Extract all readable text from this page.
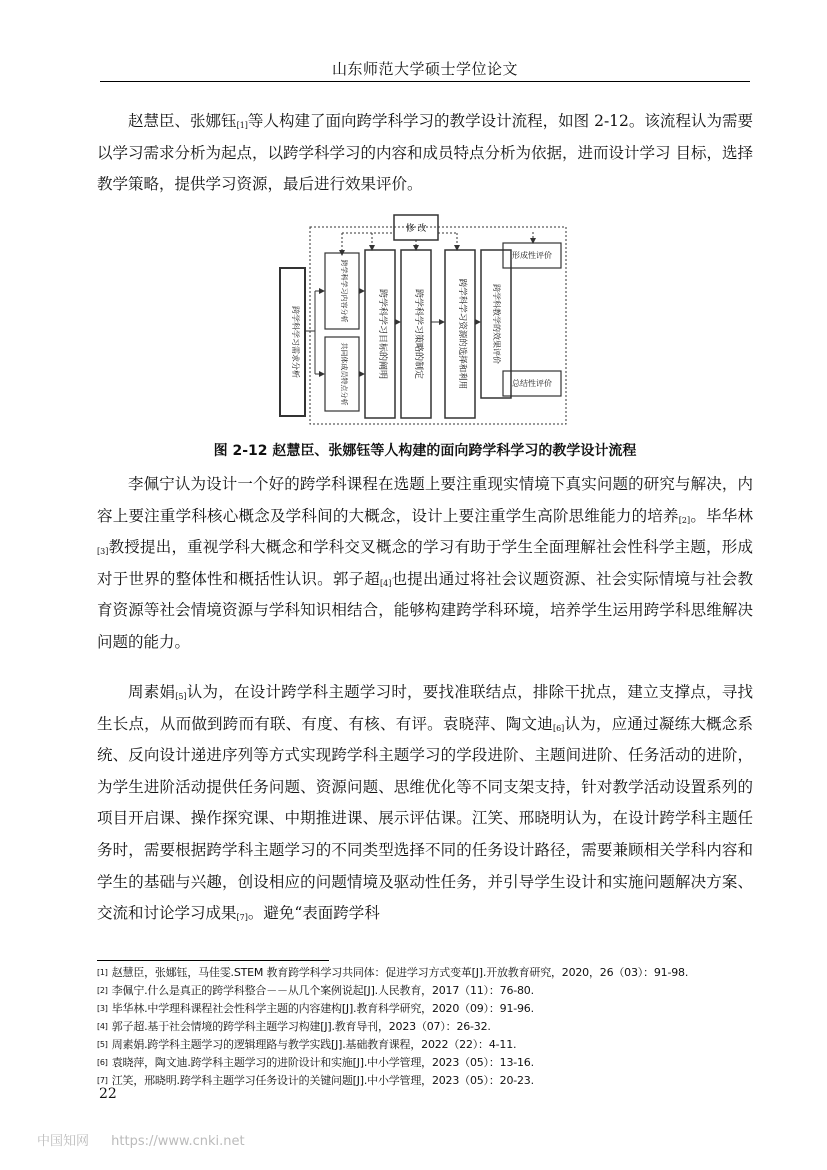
山东师范大学硕士学位论文

赵慧臣、张娜钰[1]等人构建了面向跨学科学习的教学设计流程，如图 2-12。该流程认为需要以学习需求分析为起点，以跨学科学习的内容和成员特点分析为依据，进而设计学习 目标，选择教学策略，提供学习资源，最后进行效果评价。

修 改
形成性评价
总结性评价
跨学科学习需求分析
跨学科学习内容分析
共同体成员特点分析	跨学科学习目标的阐明	跨学科学习策略的制定	跨学科学习资源的选择和利用	跨学科教学的效果评价
图 2-12 赵慧臣、张娜钰等人构建的面向跨学科学习的教学设计流程

李佩宁认为设计一个好的跨学科课程在选题上要注重现实情境下真实问题的研究与解决，内容上要注重学科核心概念及学科间的大概念，设计上要注重学生高阶思维能力的培养[2]。毕华林[3]教授提出，重视学科大概念和学科交叉概念的学习有助于学生全面理解社会性科学主题，形成对于世界的整体性和概括性认识。郭子超[4]也提出通过将社会议题资源、社会实际情境与社会教育资源等社会情境资源与学科知识相结合，能够构建跨学科环境，培养学生运用跨学科思维解决问题的能力。

周素娟[5]认为，在设计跨学科主题学习时，要找准联结点，排除干扰点，建立支撑点，寻找生长点，从而做到跨而有联、有度、有核、有评。袁晓萍、陶文迪[6]认为，应通过凝练大概念系统、反向设计递进序列等方式实现跨学科主题学习的学段进阶、主题间进阶、任务活动的进阶，为学生进阶活动提供任务问题、资源问题、思维优化等不同支架支持，针对教学活动设置系列的项目开启课、操作探究课、中期推进课、展示评估课。江笑、邢晓明认为，在设计跨学科主题任务时，需要根据跨学科主题学习的不同类型选择不同的任务设计路径，需要兼顾相关学科内容和学生的基础与兴趣，创设相应的问题情境及驱动性任务，并引导学生设计和实施问题解决方案、交流和讨论学习成果[7]。避免“表面跨学科

[1] 赵慧臣，张娜钰，马佳雯.STEM 教育跨学科学习共同体：促进学习方式变革[J].开放教育研究，2020，26（03）：91-98.
[2] 李佩宁.什么是真正的跨学科整合－－从几个案例说起[J].人民教育，2017（11）：76-80.
[3] 毕华林.中学理科课程社会性科学主题的内容建构[J].教育科学研究，2020（09）：91-96.
[4] 郭子超.基于社会情境的跨学科主题学习构建[J].教育导刊，2023（07）：26-32.
[5] 周素娟.跨学科主题学习的逻辑理路与教学实践[J].基础教育课程，2022（22）：4-11.
[6] 袁晓萍，陶文迪.跨学科主题学习的进阶设计和实施[J].中小学管理，2023（05）：13-16.
[7] 江笑，邢晓明.跨学科主题学习任务设计的关键问题[J].中小学管理，2023（05）：20-23.
22
中国知网 https://www.cnki.net
